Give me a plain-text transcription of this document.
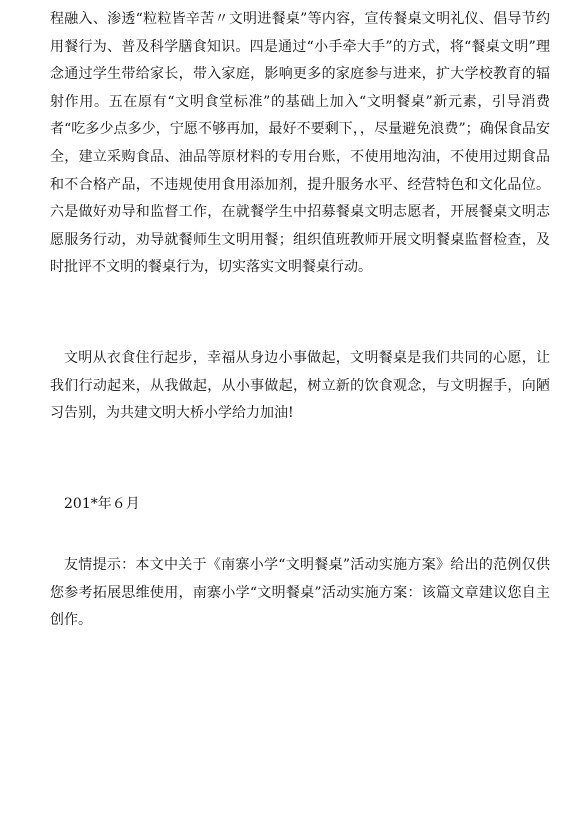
程融入、渗透“粒粒皆辛苦〃文明进餐桌”等内容，宣传餐桌文明礼仪、倡导节约用餐行为、普及科学膳食知识。四是通过“小手牵大手”的方式，将“餐桌文明”理念通过学生带给家长，带入家庭，影响更多的家庭参与进来，扩大学校教育的辐射作用。五在原有“文明食堂标准”的基础上加入“文明餐桌”新元素，引导消费者“吃多少点多少，宁愿不够再加，最好不要剩下，，尽量避免浪费”；确保食品安全，建立采购食品、油品等原材料的专用台账，不使用地沟油，不使用过期食品和不合格产品，不违规使用食用添加剂，提升服务水平、经营特色和文化品位。六是做好劝导和监督工作，在就餐学生中招募餐桌文明志愿者，开展餐桌文明志愿服务行动，劝导就餐师生文明用餐；组织值班教师开展文明餐桌监督检查，及时批评不文明的餐桌行为，切实落实文明餐桌行动。

文明从衣食住行起步，幸福从身边小事做起，文明餐桌是我们共同的心愿，让我们行动起来，从我做起，从小事做起，树立新的饮食观念，与文明握手，向陋习告别，为共建文明大桥小学给力加油!

201*年６月

友情提示：本文中关于《南寨小学“文明餐桌”活动实施方案》给出的范例仅供您参考拓展思维使用，南寨小学“文明餐桌”活动实施方案：该篇文章建议您自主创作。
